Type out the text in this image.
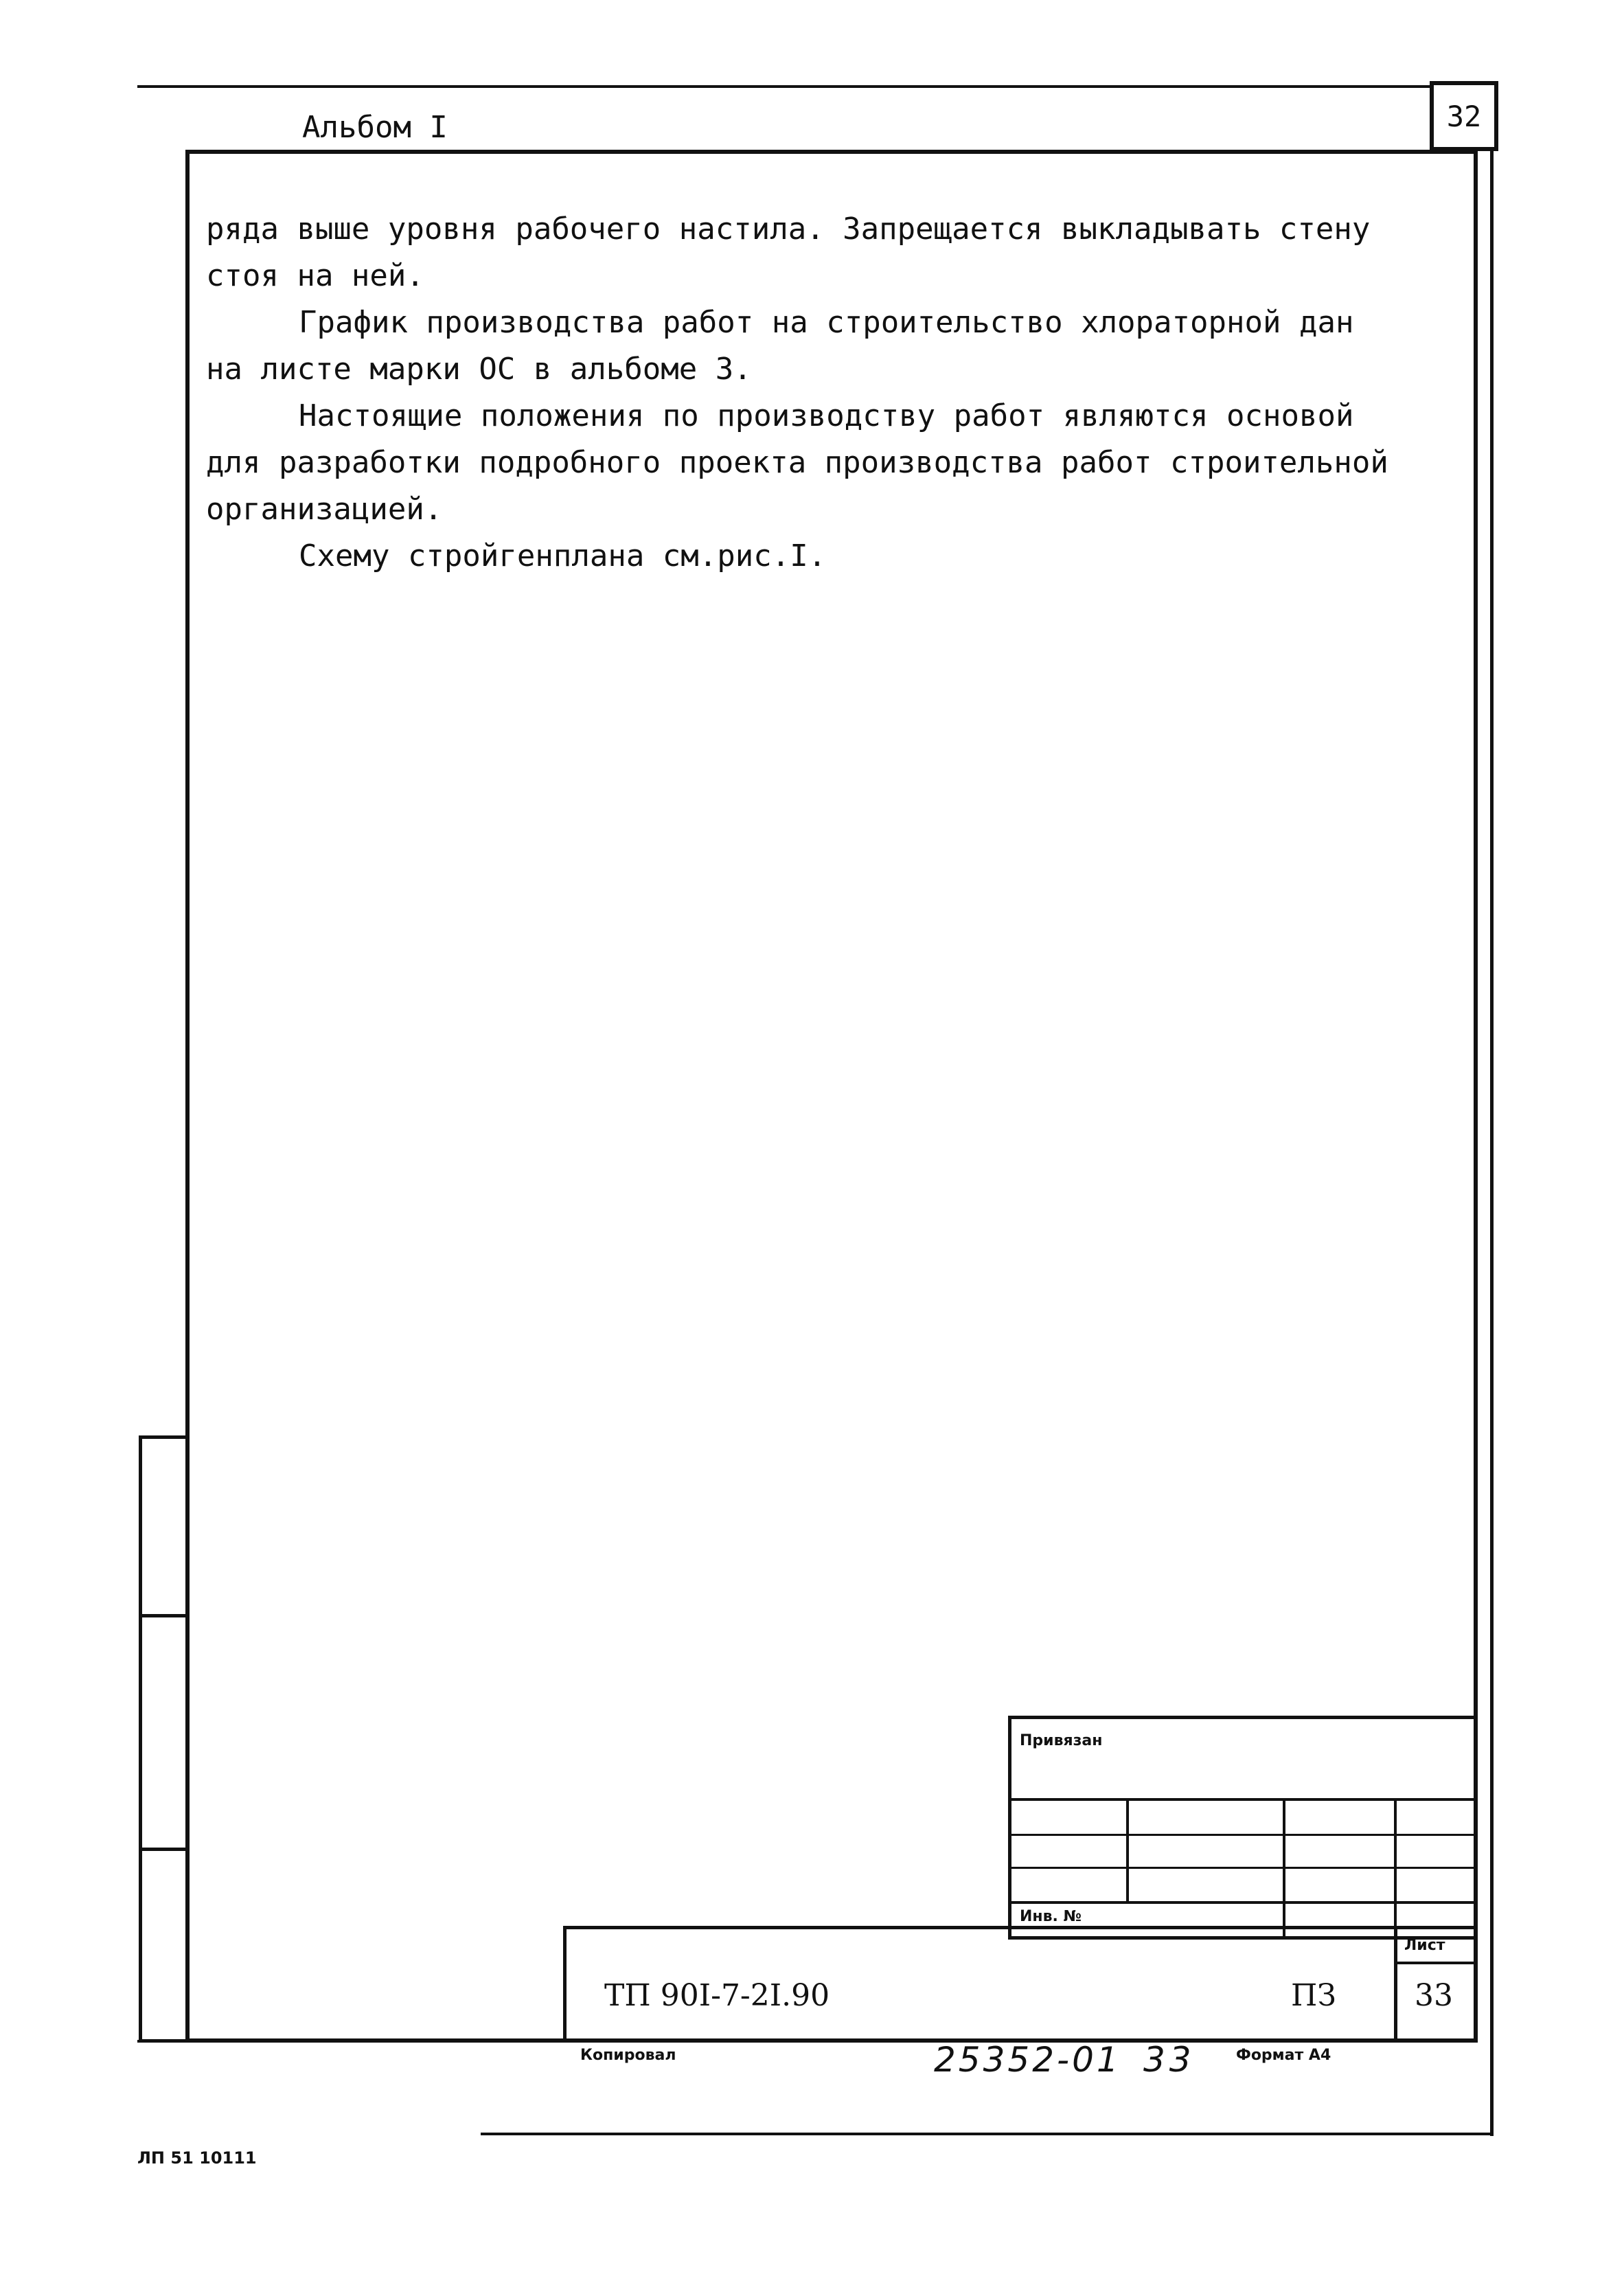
Альбом I	32

ряда выше уровня рабочего настила. Запрещается выкладывать стену

стоя на ней.

График производства работ на строительство хлораторной дан

на листе марки ОС в альбоме 3.

Настоящие положения по производству работ являются основой

для разработки подробного проекта производства работ строительной

организацией.

Схему стройгенплана см.рис.I.

Привязан
Инв. №
Лист
ТП 90I-7-2I.90	ПЗ	33
Копировал	25352-01 33	Формат А4
ЛП 51 10111
